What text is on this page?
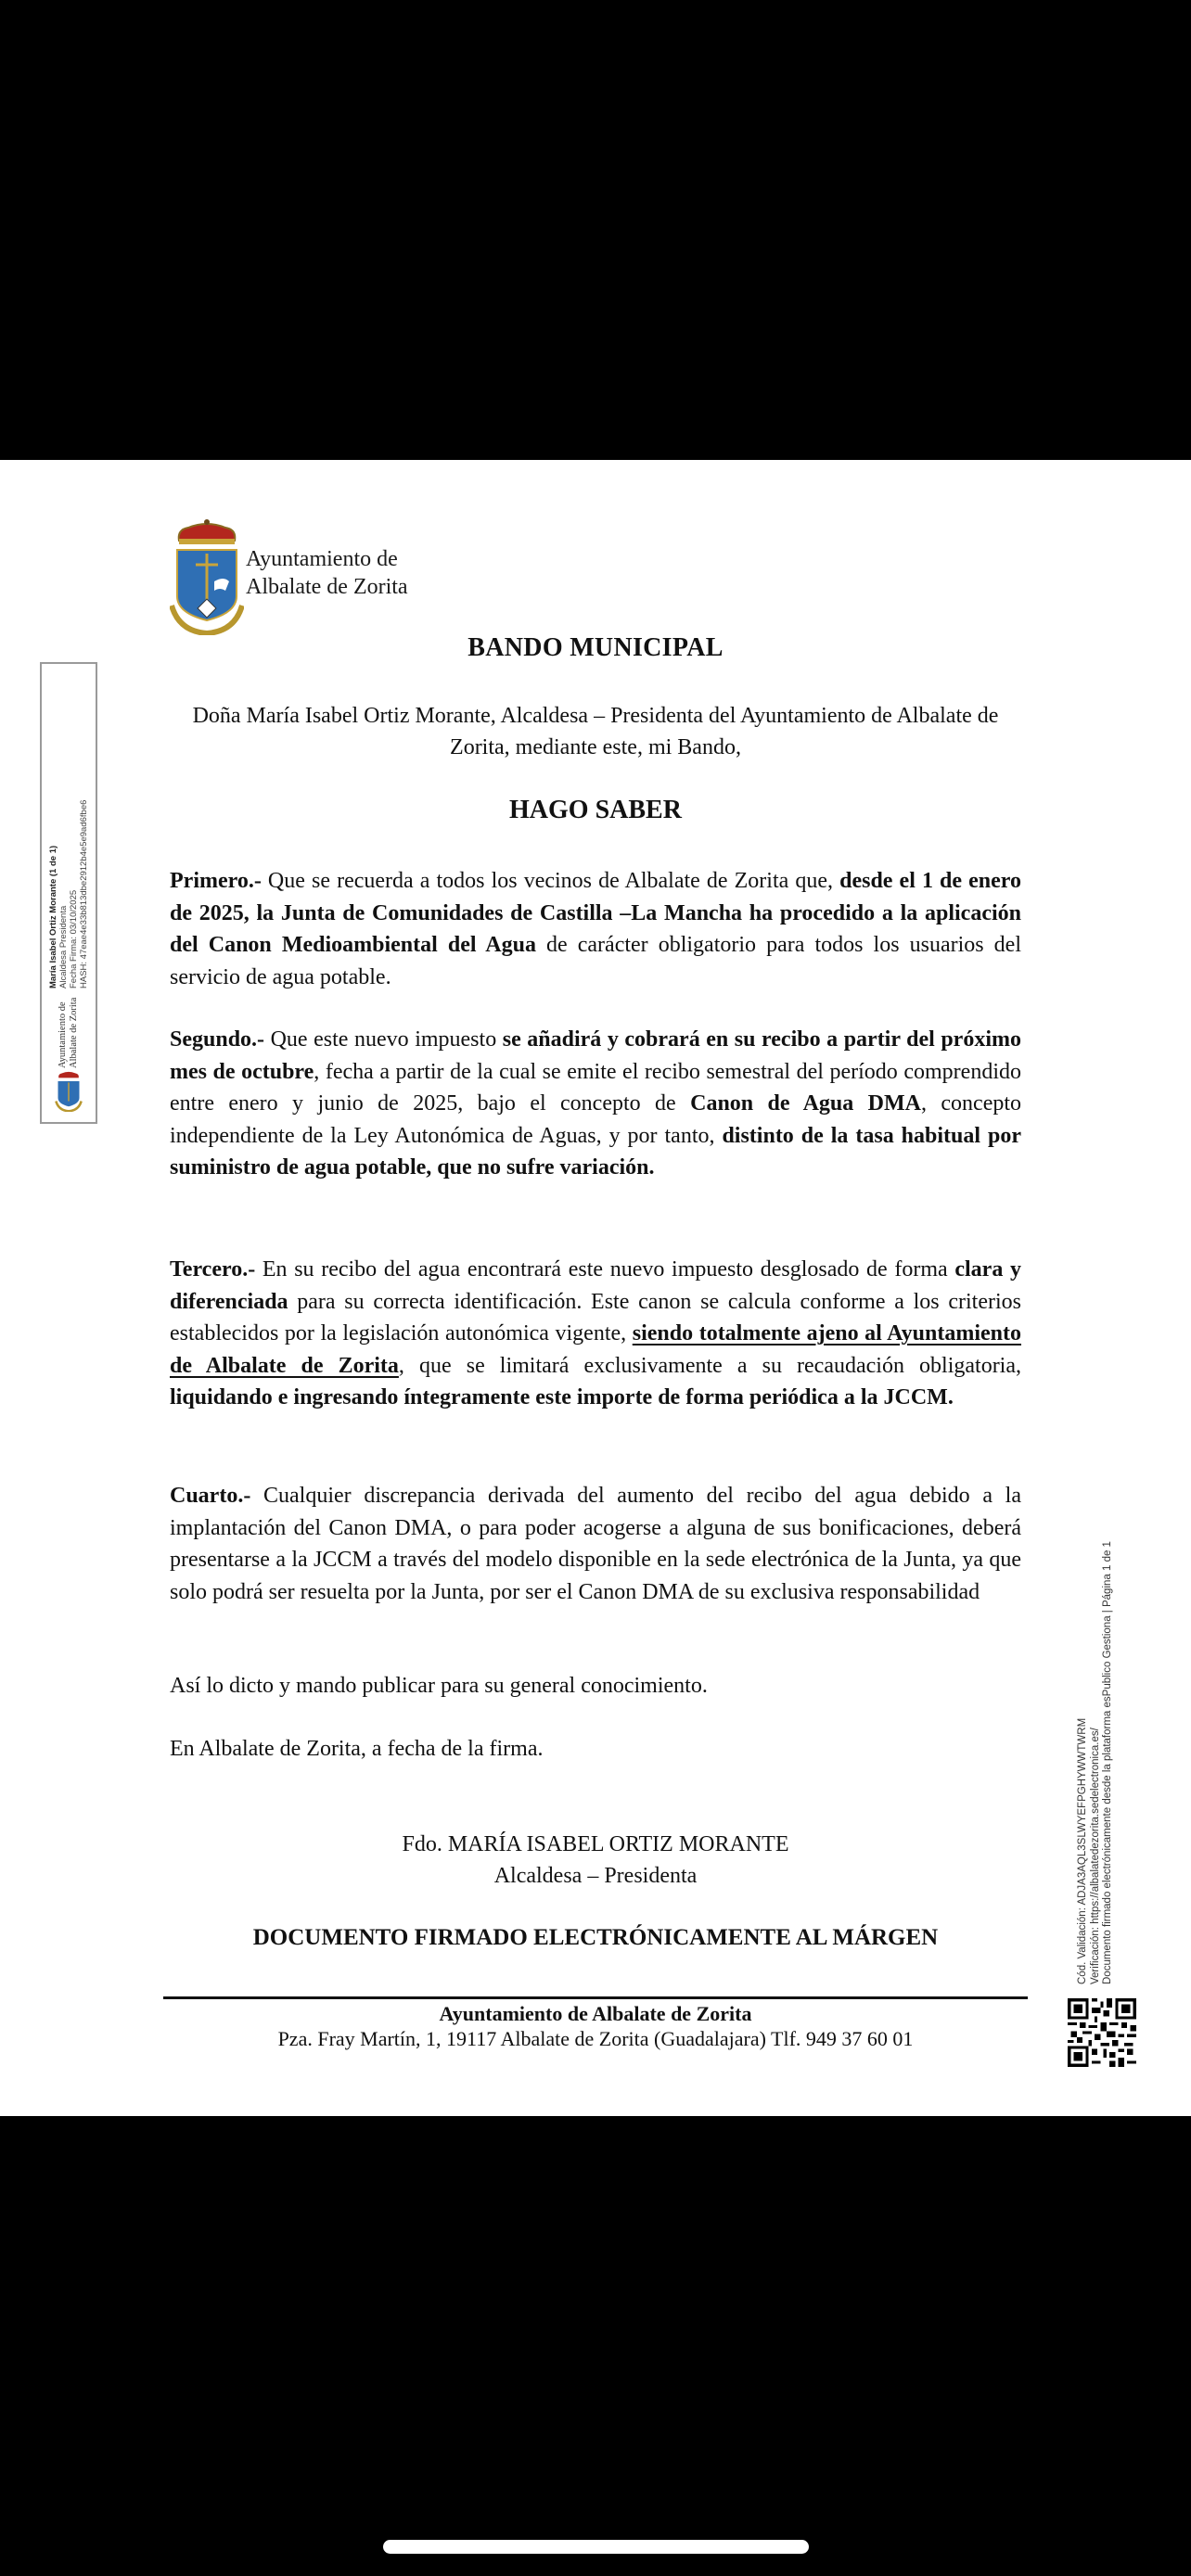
Ayuntamiento de
Albalate de Zorita
BANDO MUNICIPAL
Doña María Isabel Ortiz Morante, Alcaldesa – Presidenta del Ayuntamiento de Albalate de Zorita, mediante este, mi Bando,
HAGO SABER

Primero.- Que se recuerda a todos los vecinos de Albalate de Zorita que, desde el 1 de enero de 2025, la Junta de Comunidades de Castilla –La Mancha ha procedido a la aplicación del Canon Medioambiental del Agua de carácter obligatorio para todos los usuarios del servicio de agua potable.

Segundo.- Que este nuevo impuesto se añadirá y cobrará en su recibo a partir del próximo mes de octubre, fecha a partir de la cual se emite el recibo semestral del período comprendido entre enero y junio de 2025, bajo el concepto de Canon de Agua DMA, concepto independiente de la Ley Autonómica de Aguas, y por tanto, distinto de la tasa habitual por suministro de agua potable, que no sufre variación.

Tercero.- En su recibo del agua encontrará este nuevo impuesto desglosado de forma clara y diferenciada para su correcta identificación. Este canon se calcula conforme a los criterios establecidos por la legislación autonómica vigente, siendo totalmente ajeno al Ayuntamiento de Albalate de Zorita, que se limitará exclusivamente a su recaudación obligatoria, liquidando e ingresando íntegramente este importe de forma periódica a la JCCM.

Cuarto.- Cualquier discrepancia derivada del aumento del recibo del agua debido a la implantación del Canon DMA, o para poder acogerse a alguna de sus bonificaciones, deberá presentarse a la JCCM a través del modelo disponible en la sede electrónica de la Junta, ya que solo podrá ser resuelta por la Junta, por ser el Canon DMA de su exclusiva responsabilidad

Así lo dicto y mando publicar para su general conocimiento.

En Albalate de Zorita, a fecha de la firma.

Fdo. MARÍA ISABEL ORTIZ MORANTE
Alcaldesa – Presidenta
DOCUMENTO FIRMADO ELECTRÓNICAMENTE AL MÁRGEN
Ayuntamiento de Albalate de Zorita
Pza. Fray Martín, 1, 19117 Albalate de Zorita (Guadalajara) Tlf. 949 37 60 01
Ayuntamiento de Albalate de Zorita
María Isabel Ortiz Morante (1 de 1) Alcaldesa Presidenta Fecha Firma: 03/10/2025 HASH: 47eae4e33b813dbe2912b4e5e9ad6fbe6
Cód. Validación: ADJA3AQL3SLWYEFPGHYWWTWRM Verificación: https://albalatedezorita.sedelectronica.es/ Documento firmado electrónicamente desde la plataforma esPublico Gestiona | Página 1 de 1
